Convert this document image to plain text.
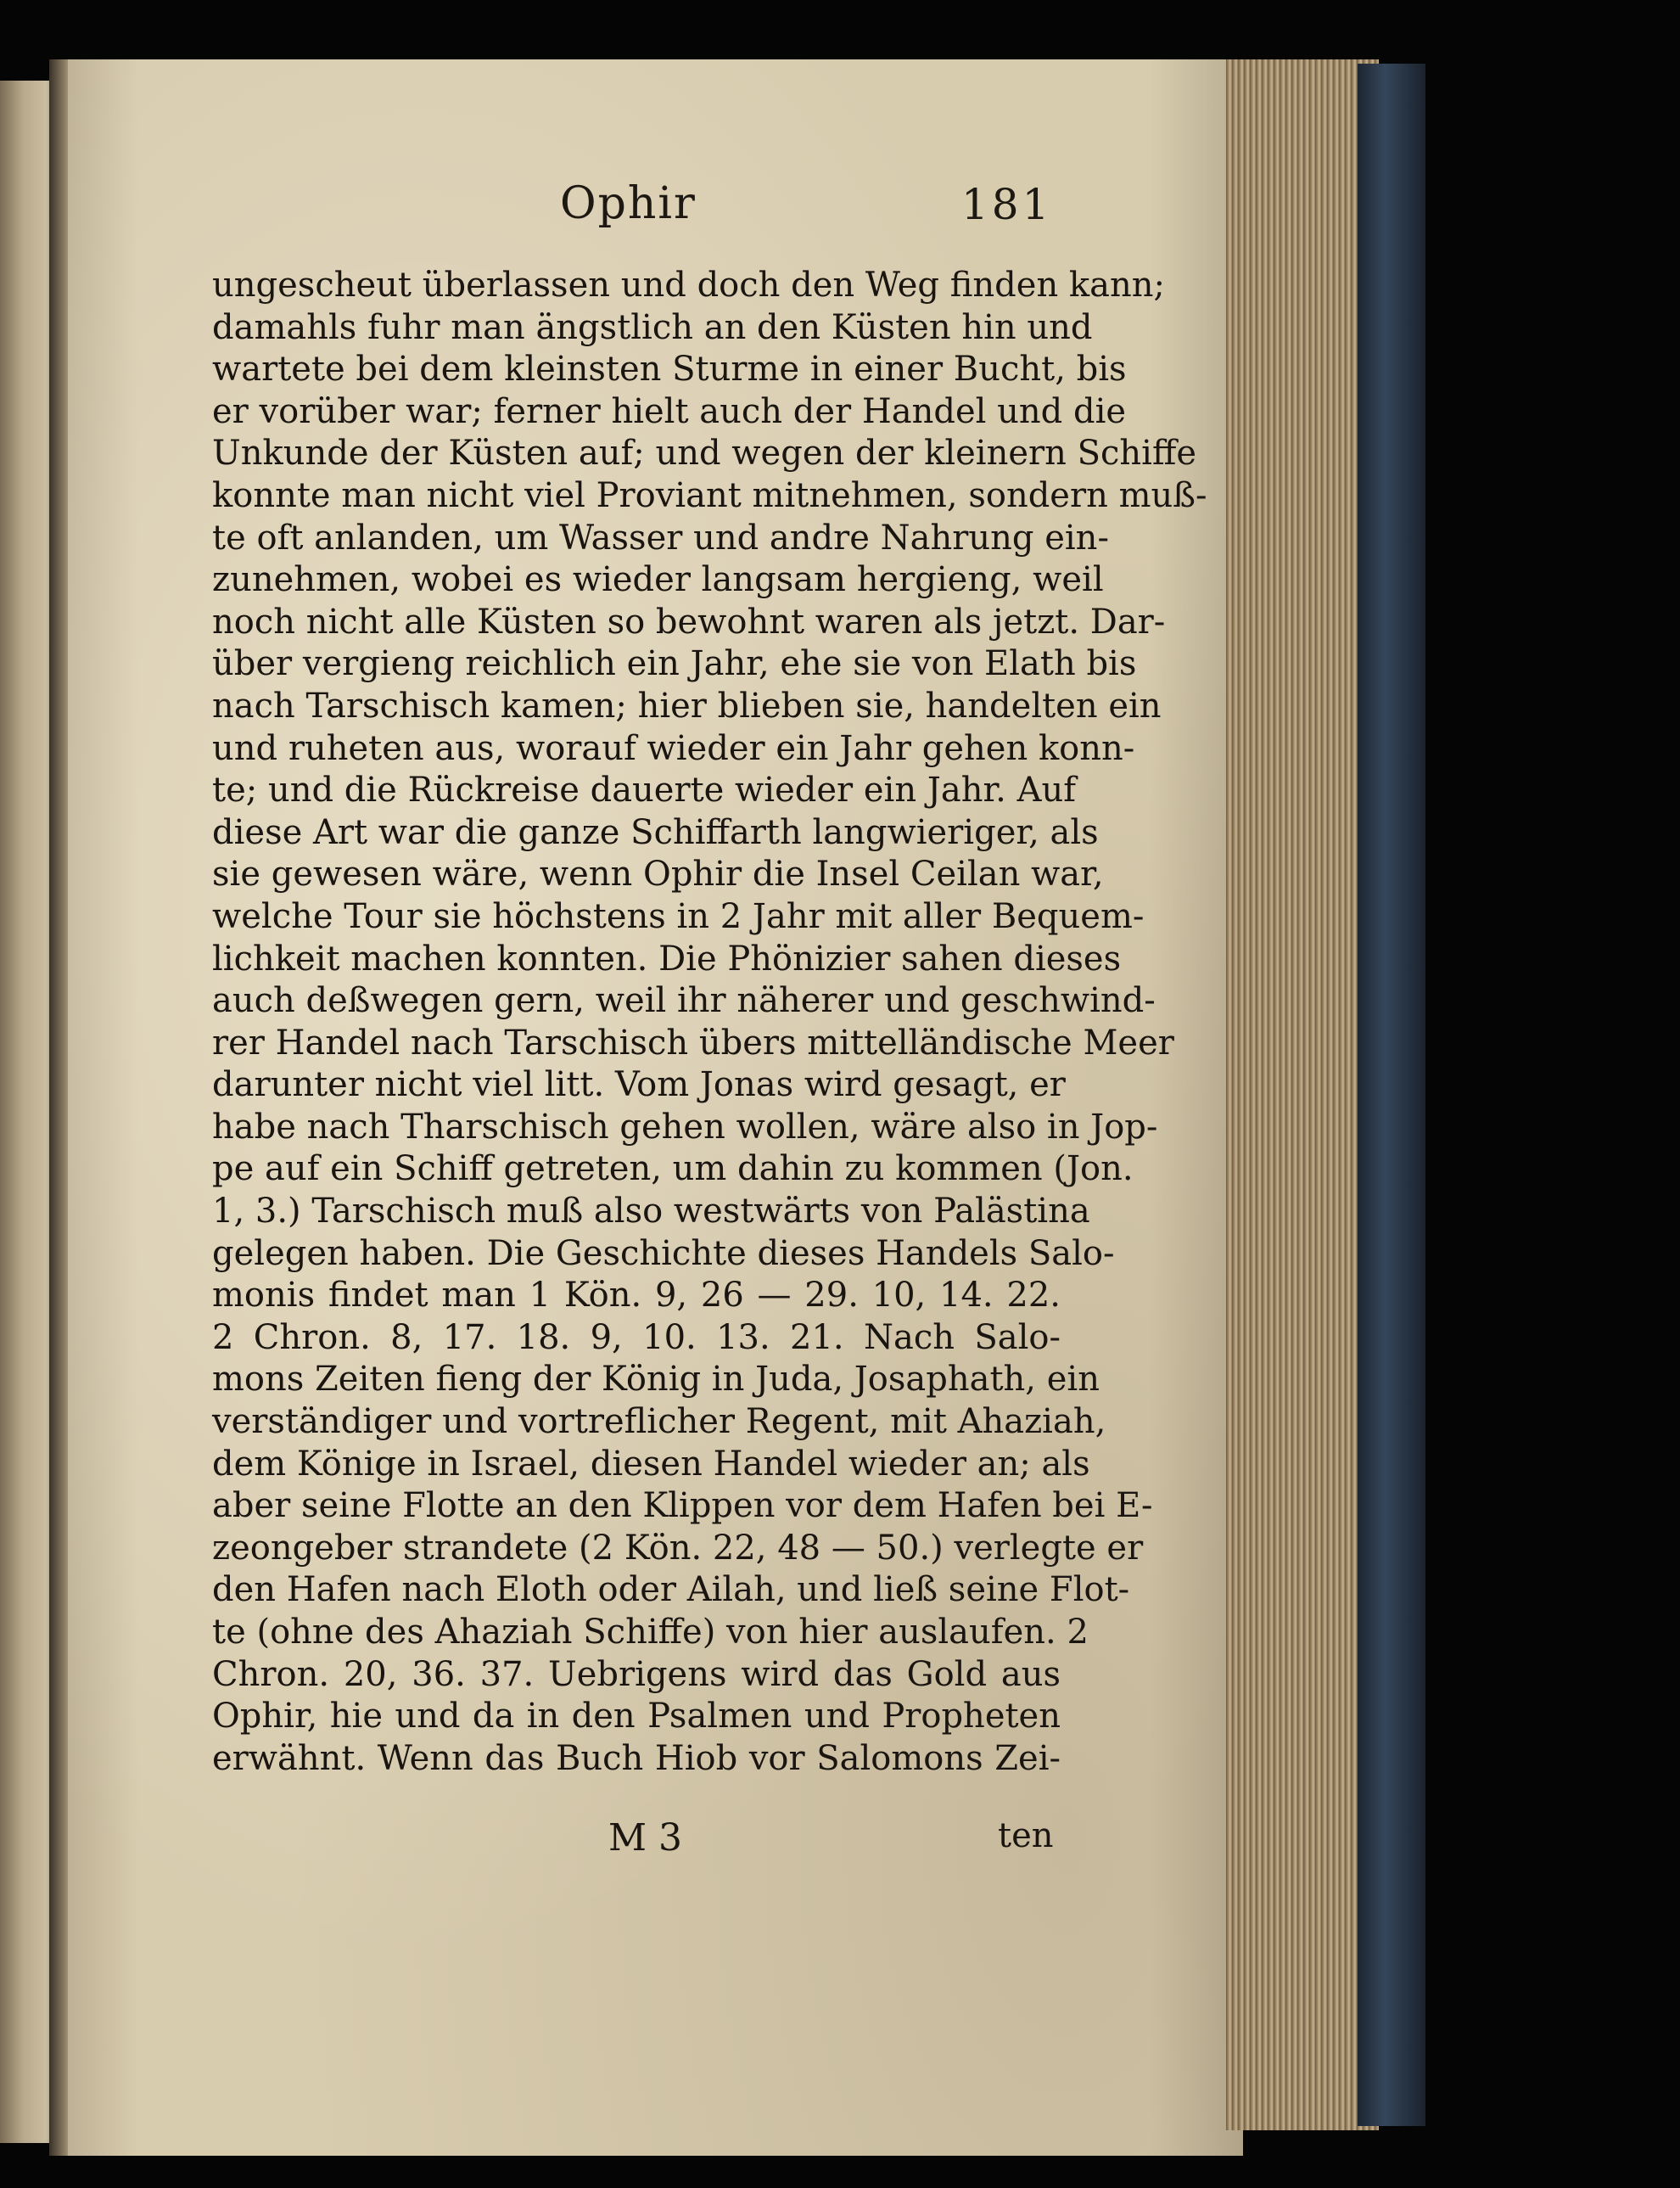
Ophir	181
ungescheut überlassen und doch den Weg finden kann;
damahls fuhr man ängstlich an den Küsten hin und
wartete bei dem kleinsten Sturme in einer Bucht, bis
er vorüber war; ferner hielt auch der Handel und die
Unkunde der Küsten auf; und wegen der kleinern Schiffe
konnte man nicht viel Proviant mitnehmen, sondern muß-
te oft anlanden, um Wasser und andre Nahrung ein-
zunehmen, wobei es wieder langsam hergieng, weil
noch nicht alle Küsten so bewohnt waren als jetzt. Dar-
über vergieng reichlich ein Jahr, ehe sie von Elath bis
nach Tarschisch kamen; hier blieben sie, handelten ein
und ruheten aus, worauf wieder ein Jahr gehen konn-
te; und die Rückreise dauerte wieder ein Jahr. Auf
diese Art war die ganze Schiffarth langwieriger, als
sie gewesen wäre, wenn Ophir die Insel Ceilan war,
welche Tour sie höchstens in 2 Jahr mit aller Bequem-
lichkeit machen konnten. Die Phönizier sahen dieses
auch deßwegen gern, weil ihr näherer und geschwind-
rer Handel nach Tarschisch übers mittelländische Meer
darunter nicht viel litt. Vom Jonas wird gesagt, er
habe nach Tharschisch gehen wollen, wäre also in Jop-
pe auf ein Schiff getreten, um dahin zu kommen (Jon.
1, 3.) Tarschisch muß also westwärts von Palästina
gelegen haben. Die Geschichte dieses Handels Salo-
monis findet man 1 Kön. 9, 26 — 29. 10, 14. 22.
2 Chron. 8, 17. 18. 9, 10. 13. 21. Nach Salo-
mons Zeiten fieng der König in Juda, Josaphath, ein
verständiger und vortreflicher Regent, mit Ahaziah,
dem Könige in Israel, diesen Handel wieder an; als
aber seine Flotte an den Klippen vor dem Hafen bei E-
zeongeber strandete (2 Kön. 22, 48 — 50.) verlegte er
den Hafen nach Eloth oder Ailah, und ließ seine Flot-
te (ohne des Ahaziah Schiffe) von hier auslaufen. 2
Chron. 20, 36. 37. Uebrigens wird das Gold aus
Ophir, hie und da in den Psalmen und Propheten
erwähnt. Wenn das Buch Hiob vor Salomons Zei-
M 3	ten
